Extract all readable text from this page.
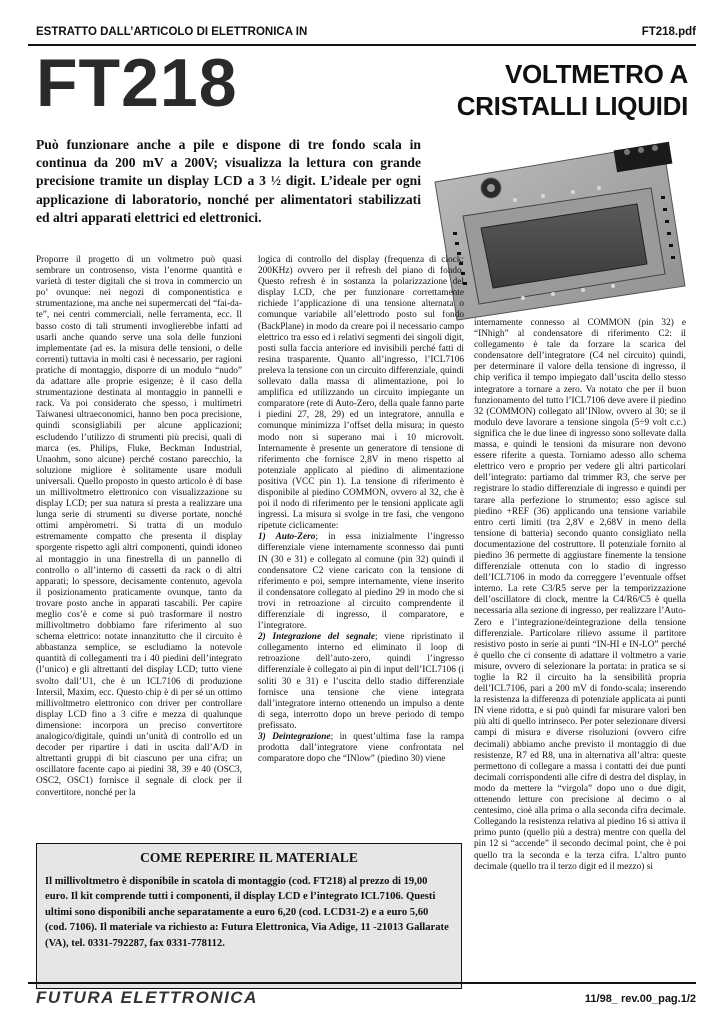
ESTRATTO DALL’ARTICOLO DI ELETTRONICA IN	FT218.pdf
FT218	VOLTMETRO A
CRISTALLI LIQUIDI

Può funzionare anche a pile e dispone di tre fondo scala in continua da 200 mV a 200V; visualizza la lettura con grande precisione tramite un display LCD a 3 ½ digit. L’ideale per ogni applicazione di laboratorio, nonché per alimentatori stabilizzati ed altri apparati elettrici ed elettronici.

Proporre il progetto di un voltmetro può quasi sembrare un controsenso, vista l’enorme quantità e varietà di tester digitali che si trova in commercio un po’ ovunque: nei negozi di componentistica e strumentazione, ma anche nei supermercati del “fai-da-te”, nei centri commerciali, nelle ferramenta, ecc. Il basso costo di tali strumenti invoglierebbe infatti ad usarli anche quando serve una sola delle funzioni implementate (ad es. la misura delle tensioni, o delle correnti) tuttavia in molti casi è necessario, per ragioni pratiche di montaggio, disporre di un modulo “nudo” da adattare alle proprie esigenze; è il caso della strumentazione destinata al montaggio in pannelli e rack. Va poi considerato che spesso, i multimetri Taiwanesi ultraeconomici, hanno ben poca precisione, quindi sconsigliabili per alcune applicazioni; escludendo l’utilizzo di strumenti più precisi, quali di marca (es. Philips, Fluke, Beckman Industrial, Unaohm, sono alcune) perché costano parecchio, la soluzione migliore è solitamente usare moduli universali. Quello proposto in questo articolo è di base un millivoltmetro elettronico con visualizzazione su display LCD; per sua natura si presta a realizzare una lunga serie di strumenti su diverse portate, nonché ottimi ampèrometri. Si tratta di un modulo estremamente compatto che presenta il display sporgente rispetto agli altri componenti, quindi idoneo al montaggio in una finestrella di un pannello di controllo o all’interno di cassetti da rack o di altri apparati; lo spessore, decisamente contenuto, agevola il posizionamento praticamente ovunque, tanto da trovare posto anche in apparati tascabili. Per capire meglio cos’è e come si può trasformare il nostro millivoltmetro dobbiamo fare riferimento al suo schema elettrico: notate innanzitutto che il circuito è abbastanza semplice, se escludiamo la notevole quantità di collegamenti tra i 40 piedini dell’integrato (l’unico) e gli altrettanti del display LCD; tutto viene svolto dall’U1, che è un ICL7106 di produzione Intersil, Maxim, ecc. Questo chip è di per sé un ottimo millivoltmetro elettronico con driver per controllare display LCD fino a 3 cifre e mezza di qualunque dimensione: incorpora un preciso convertitore analogico/digitale, quindi un’unità di controllo ed un decoder per ripartire i dati in uscita dall’A/D in altrettanti gruppi di bit ciascuno per una cifra; un oscillatore facente capo ai piedini 38, 39 e 40 (OSC3, OSC2, OSC1) fornisce il segnale di clock per il convertitore, nonché per la

logica di controllo del display (frequenza di clock: 200KHz) ovvero per il refresh del piano di fondo. Questo refresh è in sostanza la polarizzazione del display LCD, che per funzionare correttamente richiede l’applicazione di una tensione alternata o comunque variabile all’elettrodo posto sul fondo (BackPlane) in modo da creare poi il necessario campo elettrico tra esso ed i relativi segmenti dei singoli digit, posti sulla faccia anteriore ed invisibili perché fatti di resina trasparente. Quanto all’ingresso, l’ICL7106 preleva la tensione con un circuito differenziale, quindi sollevato dalla massa di alimentazione, poi lo amplifica ed utilizzando un circuito impiegante un comparatore (rete di Auto-Zero, della quale fanno parte i piedini 27, 28, 29) ed un integratore, annulla e comunque minimizza l’offset della misura; in questo modo non si superano mai i 10 microvolt. Internamente è presente un generatore di tensione di riferimento che fornisce 2,8V in meno rispetto al potenziale applicato al piedino di alimentazione positiva (VCC pin 1). La tensione di riferimento è disponibile al piedino COMMON, ovvero al 32, che è poi il nodo di riferimento per le tensioni applicate agli ingressi. La misura si svolge in tre fasi, che vengono ripetute ciclicamente:

1) Auto-Zero; in essa inizialmente l’ingresso differenziale viene internamente sconnesso dai punti IN (30 e 31) e collegato al comune (pin 32) quindi il condensatore C2 viene caricato con la tensione di riferimento e poi, sempre internamente, viene inserito il condensatore collegato al piedino 29 in modo che si trovi in retroazione al circuito comprendente il differenziale di ingresso, il comparatore, e l’integratore.

2) Integrazione del segnale; viene ripristinato il collegamento interno ed eliminato il loop di retroazione dell’auto-zero, quindi l’ingresso differenziale è collegato ai pin di input dell’ICL7106 (i soliti 30 e 31) e l’uscita dello stadio differenziale fornisce una tensione che viene integrata dall’integratore interno ottenendo un impulso a dente di sega, interrotto dopo un breve periodo di tempo prefissato.

3) Deintegrazione; in quest’ultima fase la rampa prodotta dall’integratore viene confrontata nel comparatore dopo che “INlow” (piedino 30) viene

internamente connesso al COMMON (pin 32) e “INhigh” al condensatore di riferimento C2: il collegamento è tale da forzare la scarica del condensatore dell’integratore (C4 nel circuito) quindi, per determinare il valore della tensione di ingresso, il chip verifica il tempo impiegato dall’uscita dello stesso integratore a tornare a zero. Va notato che per il buon funzionamento del tutto l’ICL7106 deve avere il piedino 32 (COMMON) collegato all’INlow, ovvero al 30; se il modulo deve lavorare a tensione singola (5÷9 volt c.c.) significa che le due linee di ingresso sono sollevate dalla massa, e quindi le tensioni da misurare non devono essere riferite a questa. Torniamo adesso allo schema elettrico vero e proprio per vedere gli altri particolari dell’integrato: partiamo dal trimmer R3, che serve per registrare lo stadio differenziale di ingresso e quindi per tarare alla perfezione lo strumento; esso agisce sul piedino +REF (36) applicando una tensione variabile entro certi limiti (tra 2,8V e 2,68V in meno della tensione di batteria) secondo quanto consigliato nella documentazione del costruttore. Il potenziale fornito al piedino 36 permette di aggiustare finemente la tensione differenziale ottenuta con lo stadio di ingresso dell’ICL7106 in modo da correggere l’eventuale offset interno. La rete C3/R5 serve per la temporizzazione dell’oscillatore di clock, mentre la C4/R6/C5 è quella necessaria alla sezione di ingresso, per realizzare l’Auto-Zero e l’integrazione/deintegrazione della tensione differenziale. Particolare rilievo assume il partitore resistivo posto in serie ai punti “IN-HI e IN-LO” perché è quello che ci consente di adattare il voltmetro a varie misure, ovvero di selezionare la portata: in pratica se si toglie la R2 il circuito ha la sensibilità propria dell’ICL7106, pari a 200 mV di fondo-scala; inserendo la resistenza la differenza di potenziale applicata ai punti IN viene ridotta, e si può quindi far misurare valori ben più alti di quello intrinseco. Per poter selezionare diversi campi di misura e diverse risoluzioni (ovvero cifre decimali) abbiamo anche previsto il montaggio di due resistenze, R7 ed R8, una in alternativa all’altra: queste permettono di collegare a massa i contatti dei due punti decimali corrispondenti alle cifre di destra del display, in modo da mettere la “virgola” dopo uno o due digit, ottenendo letture con precisione al decimo o al centesimo, cioè alla prima o alla seconda cifra decimale. Collegando la resistenza relativa al piedino 16 si attiva il primo punto (quello più a destra) mentre con quella del pin 12 si “accende” il secondo decimal point, che è poi quello tra la seconda e la terza cifra. L’altro punto decimale (quello tra il terzo digit ed il mezzo) si

COME REPERIRE IL MATERIALE

Il millivoltmetro è disponibile in scatola di montaggio (cod. FT218) al prezzo di 19,00 euro. Il kit comprende tutti i componenti, il display LCD e l’integrato ICL7106. Questi ultimi sono disponibili anche separatamente a euro 6,20 (cod. LCD31-2) e a euro 5,60 (cod. 7106). Il materiale va richiesto a: Futura Elettronica, Via Adige, 11 -21013 Gallarate (VA), tel. 0331-792287, fax 0331-778112.

FUTURA ELETTRONICA	11/98_ rev.00_pag.1/2
